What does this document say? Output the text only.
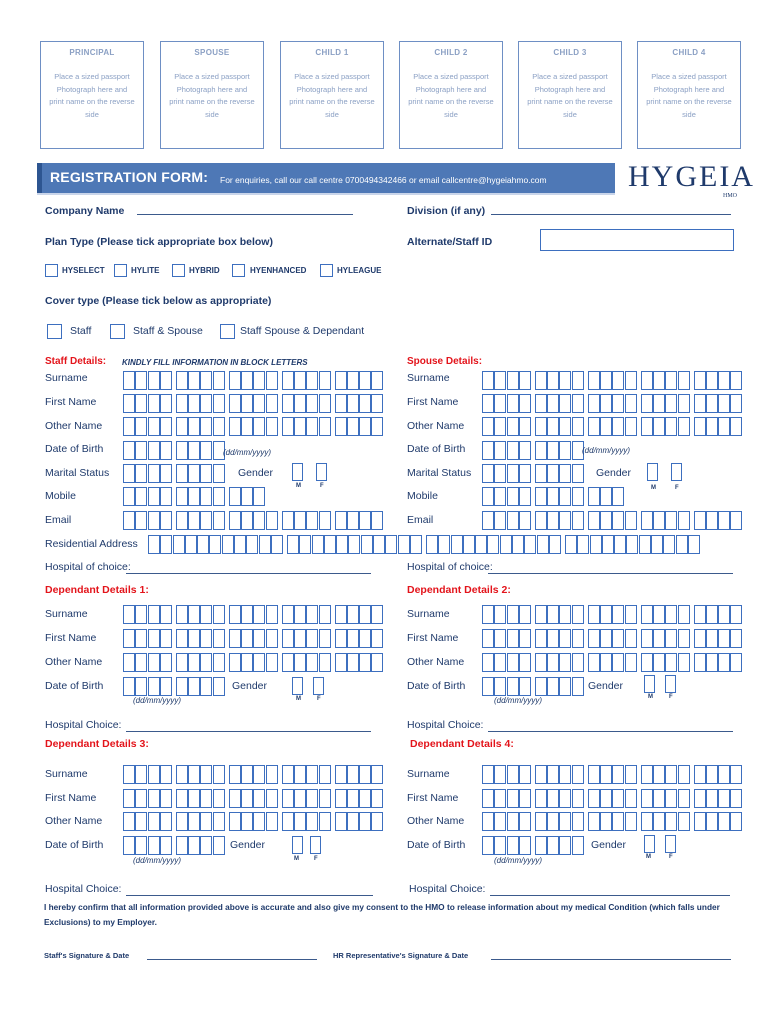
PRINCIPAL
Place a sized passport Photograph here and print name on the reverse side
SPOUSE
Place a sized passport Photograph here and print name on the reverse side
CHILD 1
Place a sized passport Photograph here and print name on the reverse side
CHILD 2
Place a sized passport Photograph here and print name on the reverse side
CHILD 3
Place a sized passport Photograph here and print name on the reverse side
CHILD 4
Place a sized passport Photograph here and print name on the reverse side
REGISTRATION FORM: For enquiries, call our call centre 0700494342466 or email callcentre@hygeiahmo.com	HYGEIA
HMO
Company Name	Division (if any)
Plan Type (Please tick appropriate box below)	Alternate/Staff ID
HYSELECT	HYLITE	HYBRID	HYENHANCED	HYLEAGUE
Cover type (Please tick below as appropriate)
Staff	Staff & Spouse	Staff Spouse & Dependant
Staff Details: KINDLY FILL INFORMATION IN BLOCK LETTERS	Spouse Details:
Surname
First Name
Other Name
Date of Birth	(dd/mm/yyyy)
Marital Status	Gender
M	F
Mobile
Email
Surname
First Name
Other Name
Date of Birth	(dd/mm/yyyy)
Marital Status	Gender
M	F
Mobile
Email
Residential Address
Hospital of choice:	Hospital of choice:
Dependant Details 1:	Dependant Details 2:
Surname
First Name
Other Name
Date of Birth
(dd/mm/yyyy)
Gender
M	F
Surname
First Name
Other Name
Date of Birth
(dd/mm/yyyy)
Gender
M	F
Hospital Choice:	Hospital Choice:
Dependant Details 3:	Dependant Details 4:
Surname
First Name
Other Name
Date of Birth
(dd/mm/yyyy)
Gender
M	F
Surname
First Name
Other Name
Date of Birth
(dd/mm/yyyy)
Gender
M	F
Hospital Choice:	Hospital Choice:
I hereby confirm that all information provided above is accurate and also give my consent to the HMO to release information about my medical Condition (which falls under Exclusions) to my Employer.
Staff's Signature & Date	HR Representative's Signature & Date
